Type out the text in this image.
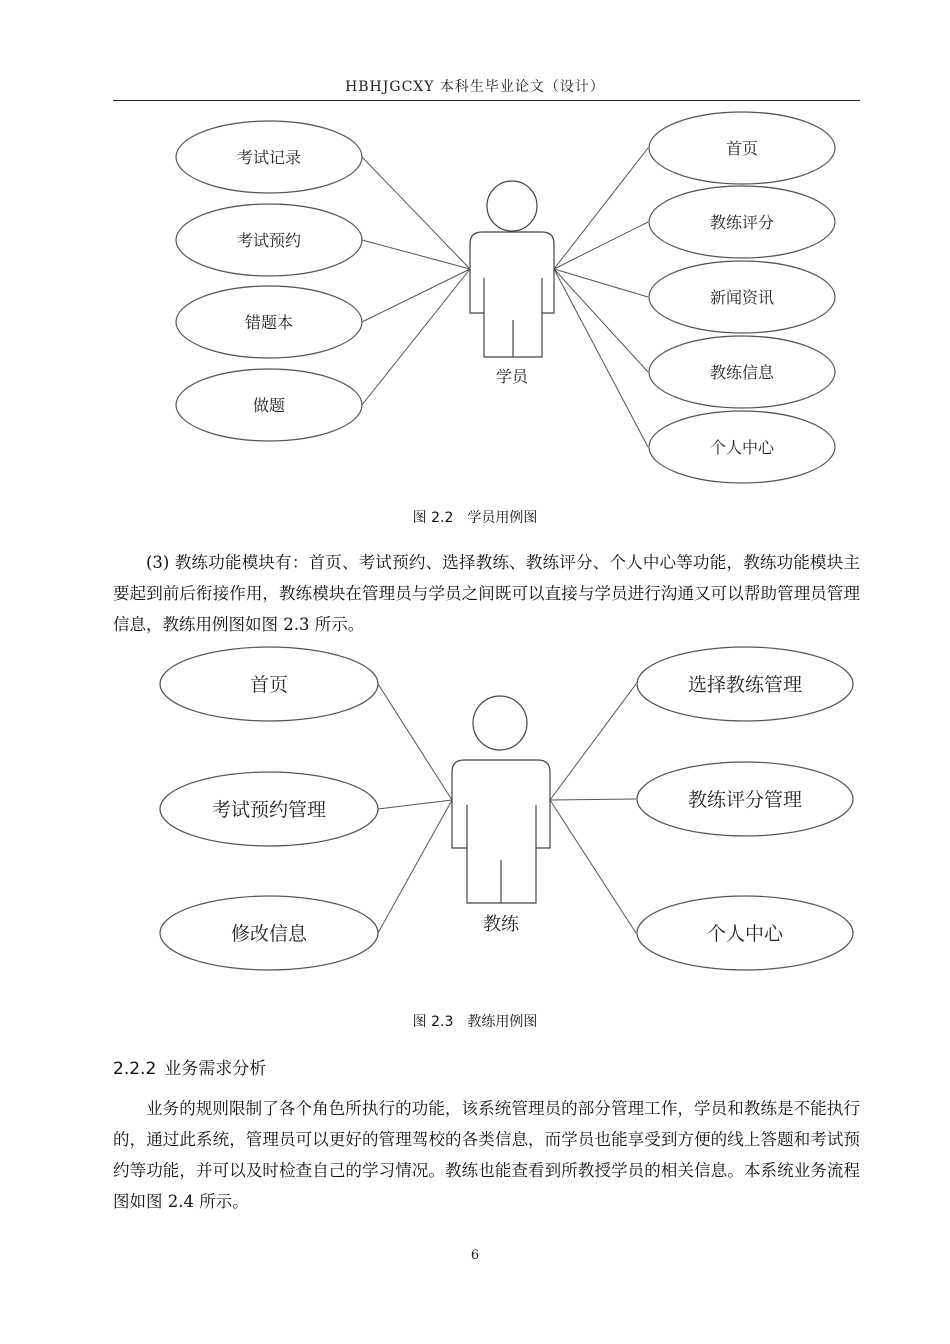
HBHJGCXY 本科生毕业论文（设计）
学员
考试记录
考试预约
错题本
做题
首页
教练评分
新闻资讯
教练信息
个人中心
图 2.2 学员用例图

(3) 教练功能模块有：首页、考试预约、选择教练、教练评分、个人中心等功能，教练功能模块主要起到前后衔接作用，教练模块在管理员与学员之间既可以直接与学员进行沟通又可以帮助管理员管理信息，教练用例图如图 2.3 所示。

教练
首页
考试预约管理
修改信息
选择教练管理
教练评分管理
个人中心
图 2.3 教练用例图
2.2.2 业务需求分析

业务的规则限制了各个角色所执行的功能，该系统管理员的部分管理工作，学员和教练是不能执行的，通过此系统，管理员可以更好的管理驾校的各类信息，而学员也能享受到方便的线上答题和考试预约等功能，并可以及时检查自己的学习情况。教练也能查看到所教授学员的相关信息。本系统业务流程图如图 2.4 所示。

6
